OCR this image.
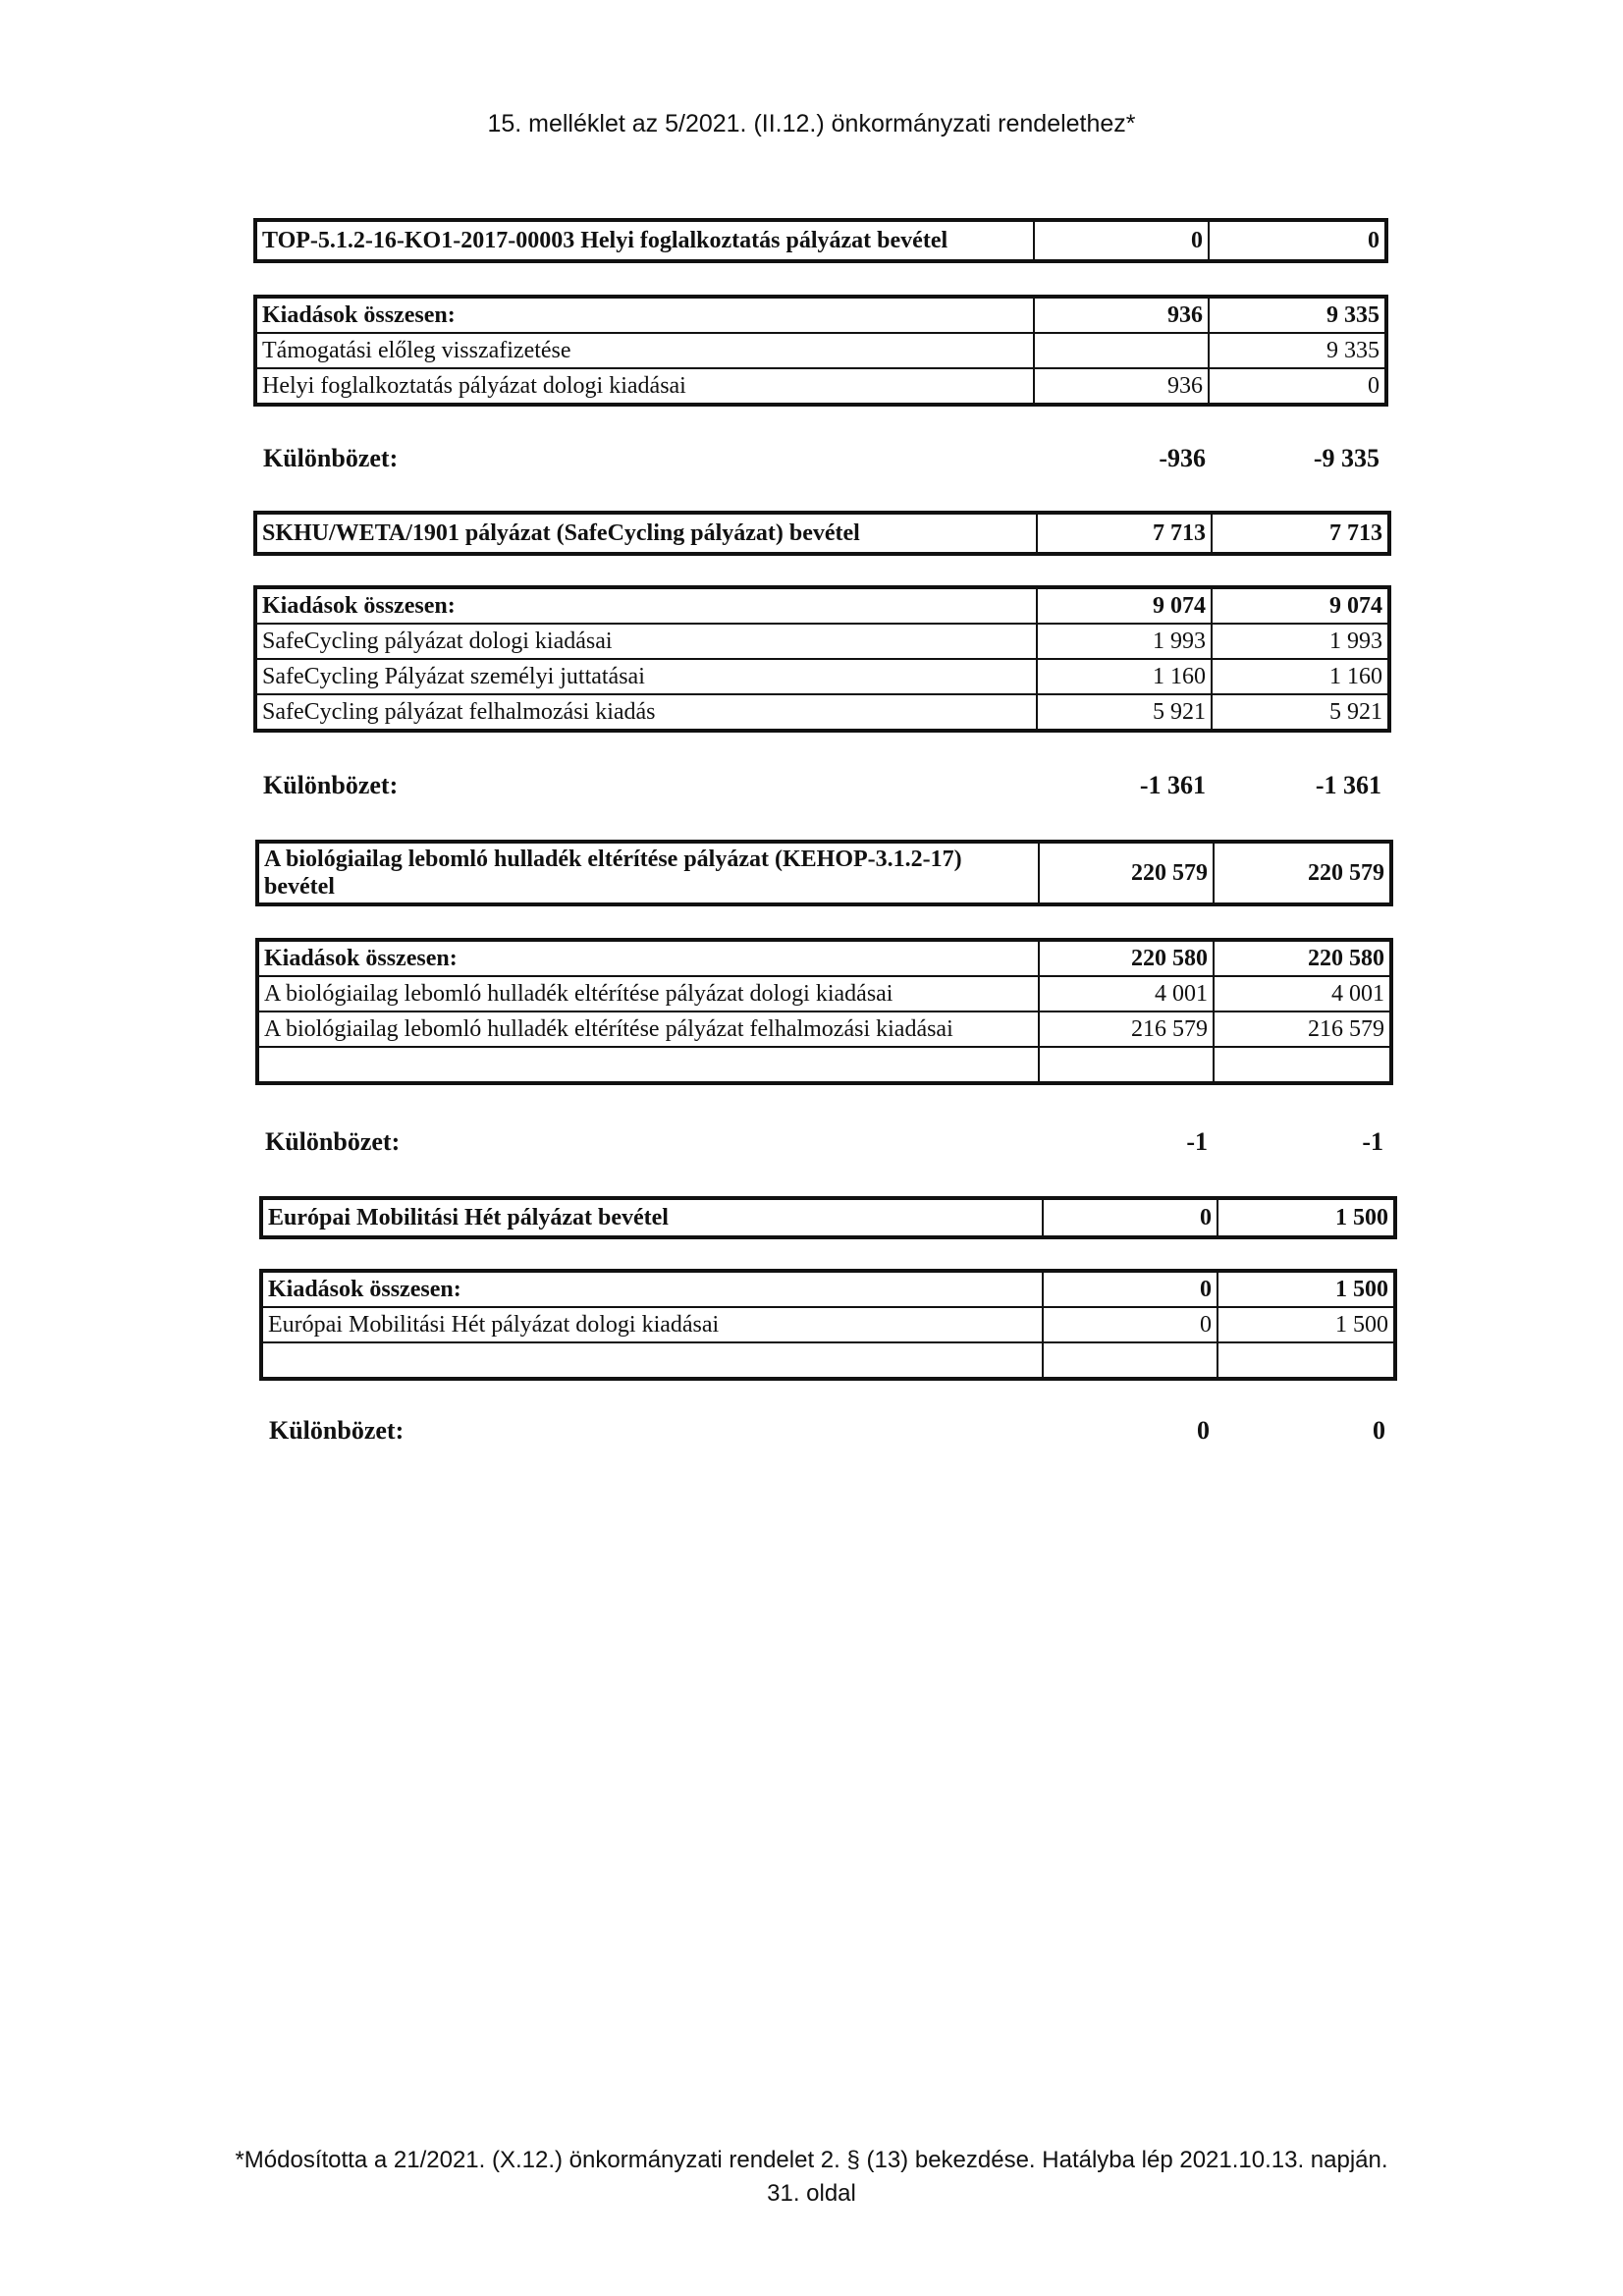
15. melléklet az 5/2021. (II.12.) önkormányzati rendelethez*
TOP-5.1.2-16-KO1-2017-00003 Helyi foglalkoztatás pályázat bevétel	0	0
Kiadások összesen:	936	9 335
Támogatási előleg visszafizetése		9 335
Helyi foglalkoztatás pályázat dologi kiadásai	936	0
Különbözet:	-936	-9 335
SKHU/WETA/1901 pályázat (SafeCycling pályázat) bevétel	7 713	7 713
Kiadások összesen:	9 074	9 074
SafeCycling pályázat dologi kiadásai	1 993	1 993
SafeCycling Pályázat személyi juttatásai	1 160	1 160
SafeCycling pályázat felhalmozási kiadás	5 921	5 921
Különbözet:	-1 361	-1 361
A biológiailag lebomló hulladék eltérítése pályázat (KEHOP-3.1.2-17)
bevétel
	220 579	220 579
Kiadások összesen:	220 580	220 580
A biológiailag lebomló hulladék eltérítése pályázat dologi kiadásai	4 001	4 001
A biológiailag lebomló hulladék eltérítése pályázat felhalmozási kiadásai	216 579	216 579

Különbözet:	-1	-1
Európai Mobilitási Hét pályázat bevétel	0	1 500
Kiadások összesen:	0	1 500
Európai Mobilitási Hét pályázat dologi kiadásai	0	1 500

Különbözet:	0	0
*Módosította a 21/2021. (X.12.) önkormányzati rendelet 2. § (13) bekezdése. Hatályba lép 2021.10.13. napján.
31. oldal
